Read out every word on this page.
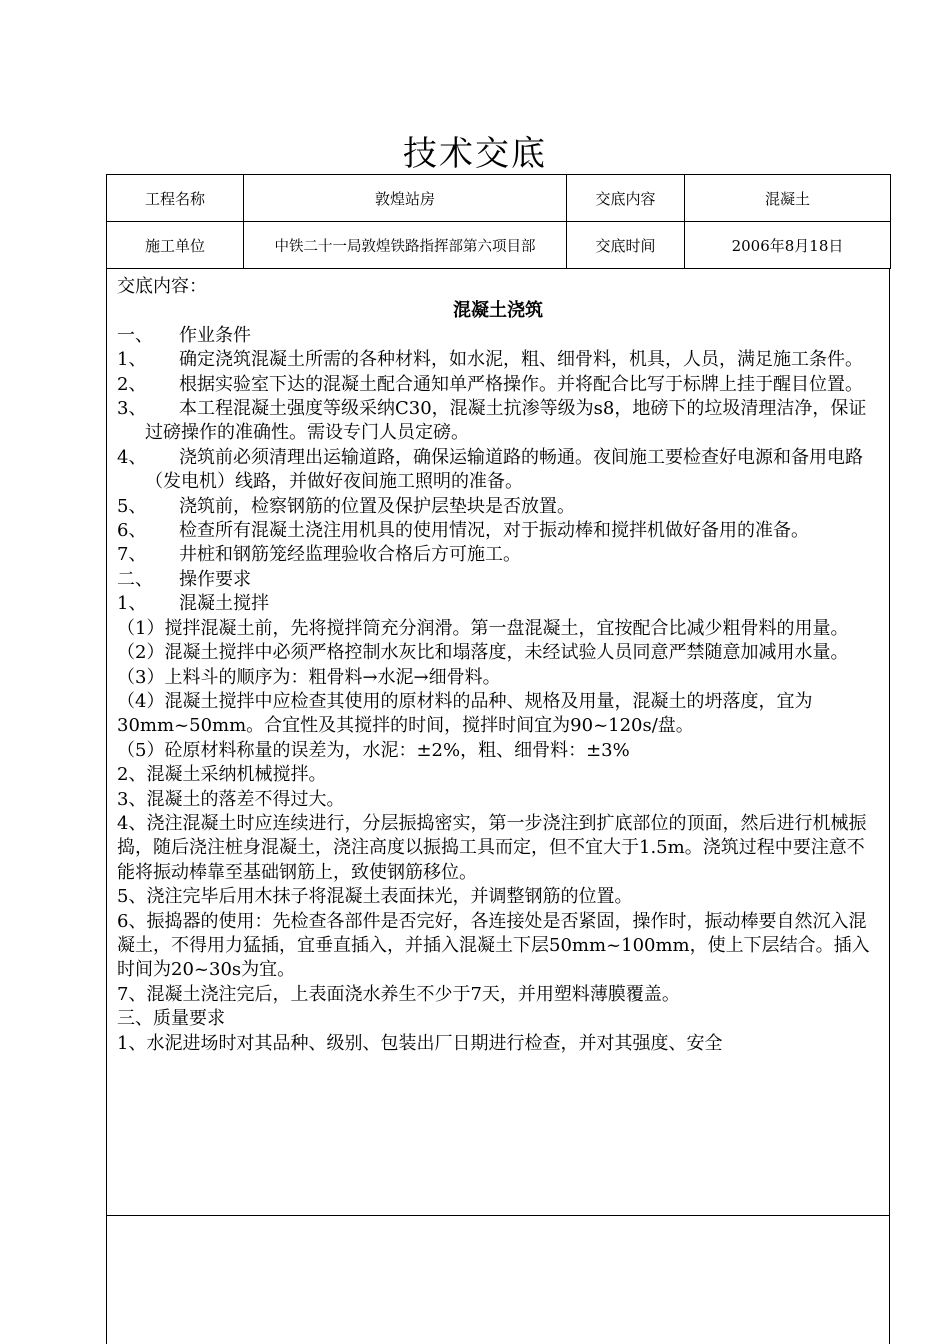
技术交底
工程名称	敦煌站房	交底内容	混凝土
施工单位	中铁二十一局敦煌铁路指挥部第六项目部	交底时间	2006年8月18日
交底内容：
混凝土浇筑
一、 作业条件
1、 确定浇筑混凝土所需的各种材料，如水泥，粗、细骨料，机具，人员，满足施工条件。
2、 根据实验室下达的混凝土配合通知单严格操作。并将配合比写于标牌上挂于醒目位置。
3、 本工程混凝土强度等级采纳C30，混凝土抗渗等级为s8，地磅下的垃圾清理洁净，保证过磅操作的准确性。需设专门人员定磅。
4、 浇筑前必须清理出运输道路，确保运输道路的畅通。夜间施工要检查好电源和备用电路（发电机）线路，并做好夜间施工照明的准备。
5、 浇筑前，检察钢筋的位置及保护层垫块是否放置。
6、 检查所有混凝土浇注用机具的使用情况，对于振动棒和搅拌机做好备用的准备。
7、 井桩和钢筋笼经监理验收合格后方可施工。
二、 操作要求
1、 混凝土搅拌
（1）搅拌混凝土前，先将搅拌筒充分润滑。第一盘混凝土，宜按配合比减少粗骨料的用量。
（2）混凝土搅拌中必须严格控制水灰比和塌落度，未经试验人员同意严禁随意加减用水量。
（3）上料斗的顺序为：粗骨料→水泥→细骨料。
（4）混凝土搅拌中应检查其使用的原材料的品种、规格及用量，混凝土的坍落度，宜为30mm~50mm。合宜性及其搅拌的时间，搅拌时间宜为90~120s/盘。
（5）砼原材料称量的误差为，水泥：±2%，粗、细骨料：±3%
2、混凝土采纳机械搅拌。
3、混凝土的落差不得过大。
4、浇注混凝土时应连续进行，分层振捣密实，第一步浇注到扩底部位的顶面，然后进行机械振捣，随后浇注桩身混凝土，浇注高度以振捣工具而定，但不宜大于1.5m。浇筑过程中要注意不能将振动棒靠至基础钢筋上，致使钢筋移位。
5、浇注完毕后用木抹子将混凝土表面抹光，并调整钢筋的位置。
6、振捣器的使用：先检查各部件是否完好，各连接处是否紧固，操作时，振动棒要自然沉入混凝土，不得用力猛插，宜垂直插入，并插入混凝土下层50mm~100mm，使上下层结合。插入时间为20~30s为宜。
7、混凝土浇注完后，上表面浇水养生不少于7天，并用塑料薄膜覆盖。
三、质量要求
1、水泥进场时对其品种、级别、包装出厂日期进行检查，并对其强度、安全
